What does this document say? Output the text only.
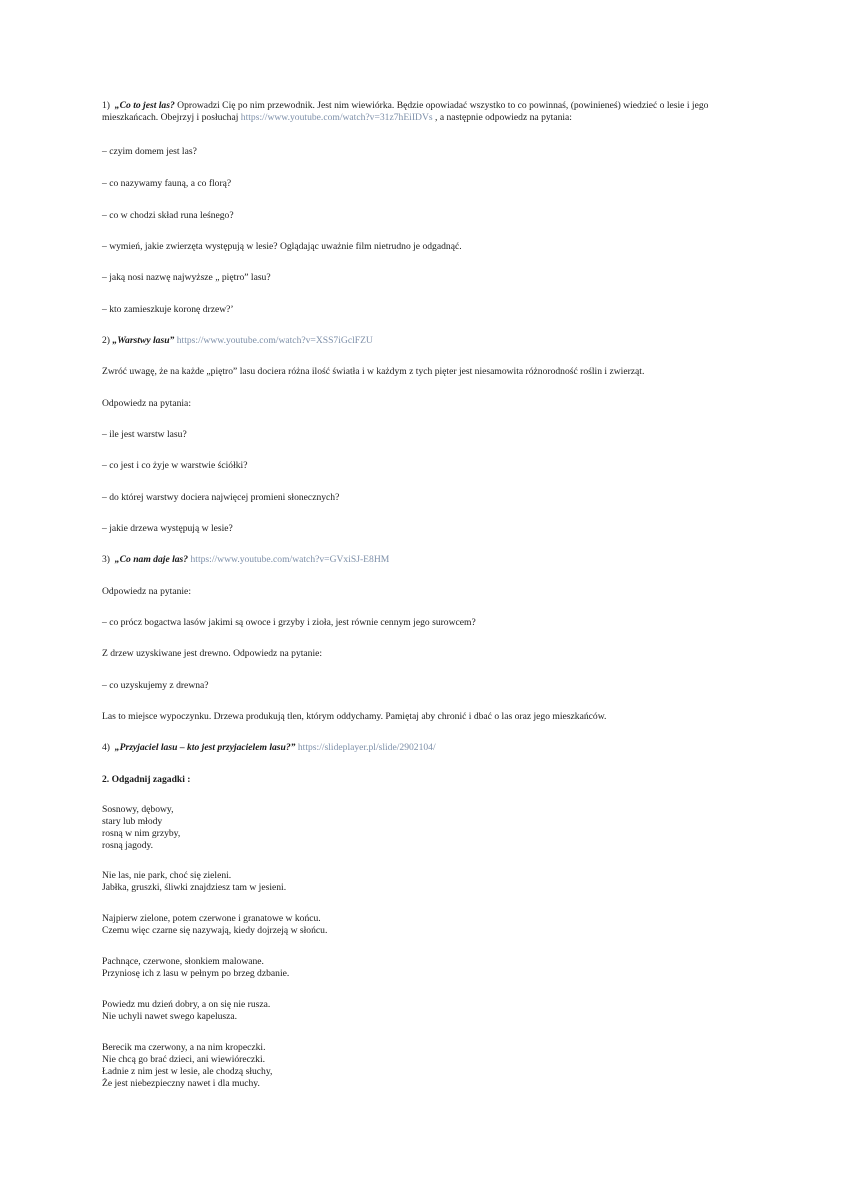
1) „Co to jest las? Oprowadzi Cię po nim przewodnik. Jest nim wiewiórka. Będzie opowiadać wszystko to co powinnaś, (powinieneś) wiedzieć o lesie i jego mieszkańcach. Obejrzyj i posłuchaj https://www.youtube.com/watch?v=31z7hEiIDVs , a następnie odpowiedz na pytania:
– czyim domem jest las?
– co nazywamy fauną, a co florą?
– co w chodzi skład runa leśnego?
– wymień, jakie zwierzęta występują w lesie? Oglądając uważnie film nietrudno je odgadnąć.
– jaką nosi nazwę najwyższe „ piętro” lasu?
– kto zamieszkuje koronę drzew?’
2) „Warstwy lasu” https://www.youtube.com/watch?v=XSS7iGclFZU
Zwróć uwagę, że na każde „piętro” lasu dociera różna ilość światła i w każdym z tych pięter jest niesamowita różnorodność roślin i zwierząt.
Odpowiedz na pytania:
– ile jest warstw lasu?
– co jest i co żyje w warstwie ściółki?
– do której warstwy dociera najwięcej promieni słonecznych?
– jakie drzewa występują w lesie?
3) „Co nam daje las? https://www.youtube.com/watch?v=GVxiSJ-E8HM
Odpowiedz na pytanie:
– co prócz bogactwa lasów jakimi są owoce i grzyby i zioła, jest równie cennym jego surowcem?
Z drzew uzyskiwane jest drewno. Odpowiedz na pytanie:
– co uzyskujemy z drewna?
Las to miejsce wypoczynku. Drzewa produkują tlen, którym oddychamy. Pamiętaj aby chronić i dbać o las oraz jego mieszkańców.
4) „Przyjaciel lasu – kto jest przyjacielem lasu?” https://slideplayer.pl/slide/2902104/
2. Odgadnij zagadki :
Sosnowy, dębowy,
stary lub młody
rosną w nim grzyby,
rosną jagody.
Nie las, nie park, choć się zieleni.
Jabłka, gruszki, śliwki znajdziesz tam w jesieni.
Najpierw zielone, potem czerwone i granatowe w końcu.
Czemu więc czarne się nazywają, kiedy dojrzeją w słońcu.
Pachnące, czerwone, słonkiem malowane.
Przyniosę ich z lasu w pełnym po brzeg dzbanie.
Powiedz mu dzień dobry, a on się nie rusza.
Nie uchyli nawet swego kapelusza.
Berecik ma czerwony, a na nim kropeczki.
Nie chcą go brać dzieci, ani wiewióreczki.
Ładnie z nim jest w lesie, ale chodzą słuchy,
Że jest niebezpieczny nawet i dla muchy.
